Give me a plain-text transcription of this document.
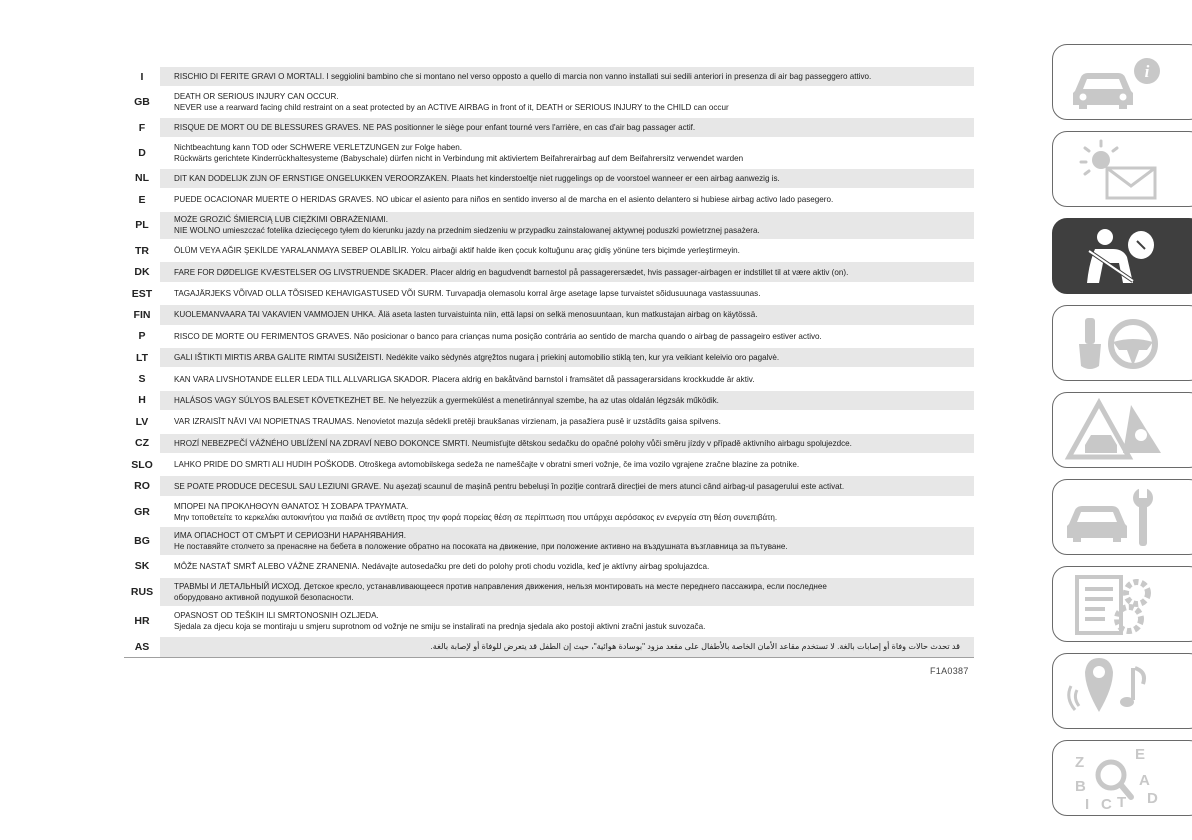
I	RISCHIO DI FERITE GRAVI O MORTALI. I seggiolini bambino che si montano nel verso opposto a quello di marcia non vanno installati sui sedili anteriori in presenza di air bag passeggero attivo.

GB	DEATH OR SERIOUS INJURY CAN OCCUR.
NEVER use a rearward facing child restraint on a seat protected by an ACTIVE AIRBAG in front of it, DEATH or SERIOUS INJURY to the CHILD can occur

F	RISQUE DE MORT OU DE BLESSURES GRAVES. NE PAS positionner le siège pour enfant tourné vers l'arrière, en cas d'air bag passager actif.

D	Nichtbeachtung kann TOD oder SCHWERE VERLETZUNGEN zur Folge haben.
Rückwärts gerichtete Kinderrückhaltesysteme (Babyschale) dürfen nicht in Verbindung mit aktiviertem Beifahrerairbag auf dem Beifahrersitz verwendet warden

NL	DIT KAN DODELIJK ZIJN OF ERNSTIGE ONGELUKKEN VEROORZAKEN. Plaats het kinderstoeltje niet ruggelings op de voorstoel wanneer er een airbag aanwezig is.

E	PUEDE OCACIONAR MUERTE O HERIDAS GRAVES. NO ubicar el asiento para niños en sentido inverso al de marcha en el asiento delantero si hubiese airbag activo lado pasegero.

PL	MOŻE GROZIĆ ŚMIERCIĄ LUB CIĘŻKIMI OBRAŻENIAMI.
NIE WOLNO umieszczać fotelika dziecięcego tyłem do kierunku jazdy na przednim siedzeniu w przypadku zainstalowanej aktywnej poduszki powietrznej pasażera.

TR	ÖLÜM VEYA AĞIR ŞEKİLDE YARALANMAYA SEBEP OLABİLİR. Yolcu airbaği aktif halde iken çocuk koltuğunu araç gidiş yönüne ters biçimde yerleştirmeyin.

DK	FARE FOR DØDELIGE KVÆSTELSER OG LIVSTRUENDE SKADER. Placer aldrig en bagudvendt barnestol på passagerersædet, hvis passager-airbagen er indstillet til at være aktiv (on).

EST	TAGAJÄRJEKS VÕIVAD OLLA TÕSISED KEHAVIGASTUSED VÕI SURM. Turvapadja olemasolu korral ärge asetage lapse turvaistet sõidusuunaga vastassuunas.

FIN	KUOLEMANVAARA TAI VAKAVIEN VAMMOJEN UHKA. Älä aseta lasten turvaistuinta niin, että lapsi on selkä menosuuntaan, kun matkustajan airbag on käytössä.

P	RISCO DE MORTE OU FERIMENTOS GRAVES. Não posicionar o banco para crianças numa posição contrária ao sentido de marcha quando o airbag de passageiro estiver activo.

LT	GALI IŠTIKTI MIRTIS ARBA GALITE RIMTAI SUSIŽEISTI. Nedėkite vaiko sėdynės atgręžtos nugara į priekinį automobilio stiklą ten, kur yra veikiant keleivio oro pagalvė.

S	KAN VARA LIVSHOTANDE ELLER LEDA TILL ALLVARLIGA SKADOR. Placera aldrig en bakåtvänd barnstol i framsätet då passagerarsidans krockkudde är aktiv.

H	HALÁSOS VAGY SÚLYOS BALESET KÖVETKEZHET BE. Ne helyezzük a gyermekülést a menetiránnyal szembe, ha az utas oldalán légzsák működik.

LV	VAR IZRAISĪT NĀVI VAI NOPIETNAS TRAUMAS. Nenovietot mazuļa sēdekli pretēji braukšanas virzienam, ja pasažiera pusē ir uzstādīts gaisa spilvens.

CZ	HROZÍ NEBEZPEČÍ VÁŽNÉHO UBLÍŽENÍ NA ZDRAVÍ NEBO DOKONCE SMRTI. Neumisťujte dětskou sedačku do opačné polohy vůči směru jízdy v případě aktivního airbagu spolujezdce.

SLO	LAHKO PRIDE DO SMRTI ALI HUDIH POŠKODB. Otroškega avtomobilskega sedeža ne nameščajte v obratni smeri vožnje, če ima vozilo vgrajene zračne blazine za potnike.

RO	SE POATE PRODUCE DECESUL SAU LEZIUNI GRAVE. Nu așezați scaunul de mașină pentru bebeluși în poziție contrară direcției de mers atunci când airbag-ul pasagerului este activat.

GR	ΜΠΟΡΕΙ ΝΑ ΠΡΟΚΛΗΘΟΥΝ ΘΑΝΑΤΟΣ Ή ΣΟΒΑΡΑ ΤΡΑΥΜΑΤΑ.
Μην τοποθετείτε το κερκελάκι αυτοκινήτου για παιδιά σε αντίθετη προς την φορά πορείας θέση σε περίπτωση που υπάρχει αερόσακος εν ενεργεία στη θέση συνεπιβάτη.

BG	ИМА ОПАСНОСТ ОТ СМЪРТ И СЕРИОЗНИ НАРАНЯВАНИЯ.
Не поставяйте столчето за пренасяне на бебета в положение обратно на посоката на движение, при положение активно на въздушната възглавница за пътуване.

SK	MÔŽE NASTAŤ SMRŤ ALEBO VÁŽNE ZRANENIA. Nedávajte autosedačku pre deti do polohy proti chodu vozidla, keď je aktívny airbag spolujazdca.

RUS	ТРАВМЫ И ЛЕТАЛЬНЫЙ ИСХОД. Детское кресло, устанавливающееся против направления движения, нельзя монтировать на месте переднего пассажира, если последнее
оборудовано активной подушкой безопасности.

HR	OPASNOST OD TEŠKIH ILI SMRTONOSNIH OZLJEDA.
Sjedala za djecu koja se montiraju u smjeru suprotnom od vožnje ne smiju se instalirati na prednja sjedala ako postoji aktivni zračni jastuk suvozača.

AS	قد تحدث حالات وفاة أو إصابات بالغة. لا تستخدم مقاعد الأمان الخاصة بالأطفال على مقعد مزود "بوسادة هوائية"، حيث إن الطفل قد يتعرض للوفاة أو لإصابة بالغة.
F1A0387
i
Z	E
B	A
I C T D
